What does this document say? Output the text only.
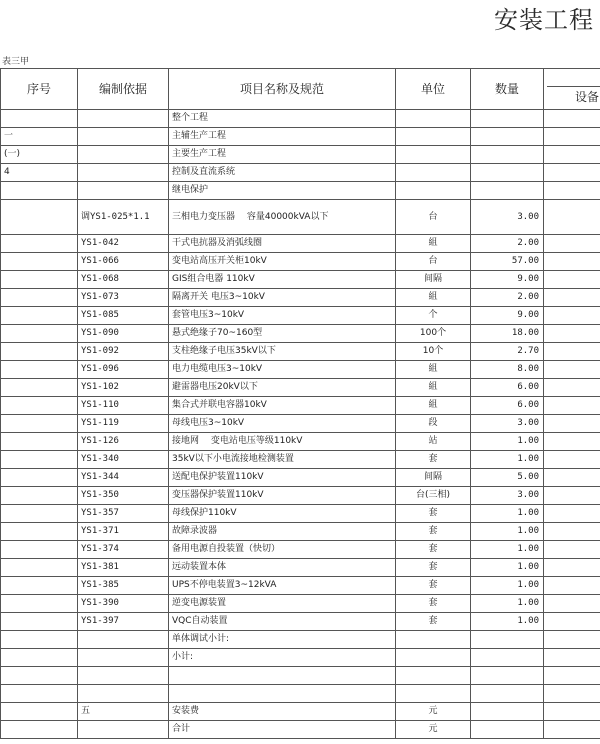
安装工程
表三甲
序号	编制依据	项目名称及规范	单位	数量	设备

		整个工程			
一		主辅生产工程			
(一)		主要生产工程			
4		控制及直流系统			
		继电保护			
	调YS1-025*1.1	三相电力变压器　 容量40000kVA以下	台	3.00	
	YS1-042	干式电抗器及消弧线圈	組	2.00	
	YS1-066	变电站高压开关柜10kV	台	57.00	
	YS1-068	GIS组合电器 110kV	间隔	9.00	
	YS1-073	隔离开关 电压3~10kV	組	2.00	
	YS1-085	套管电压3~10kV	个	9.00	
	YS1-090	悬式绝缘子70~160型	100个	18.00	
	YS1-092	支柱绝缘子电压35kV以下	10个	2.70	
	YS1-096	电力电缆电压3~10kV	組	8.00	
	YS1-102	避雷器电压20kV以下	組	6.00	
	YS1-110	集合式并联电容器10kV	組	6.00	
	YS1-119	母线电压3~10kV	段	3.00	
	YS1-126	接地网　 变电站电压等级110kV	站	1.00	
	YS1-340	35kV以下小电流接地检测装置	套	1.00	
	YS1-344	送配电保护装置110kV	间隔	5.00	
	YS1-350	变压器保护装置110kV	台(三相)	3.00	
	YS1-357	母线保护110kV	套	1.00	
	YS1-371	故障录波器	套	1.00	
	YS1-374	备用电源自投装置（快切）	套	1.00	
	YS1-381	远动装置本体	套	1.00	
	YS1-385	UPS不停电装置3~12kVA	套	1.00	
	YS1-390	逆变电源装置	套	1.00	
	YS1-397	VQC自动装置	套	1.00	
		单体调试小计:			
		小计:			

	五	安装费	元		
		合计	元		
